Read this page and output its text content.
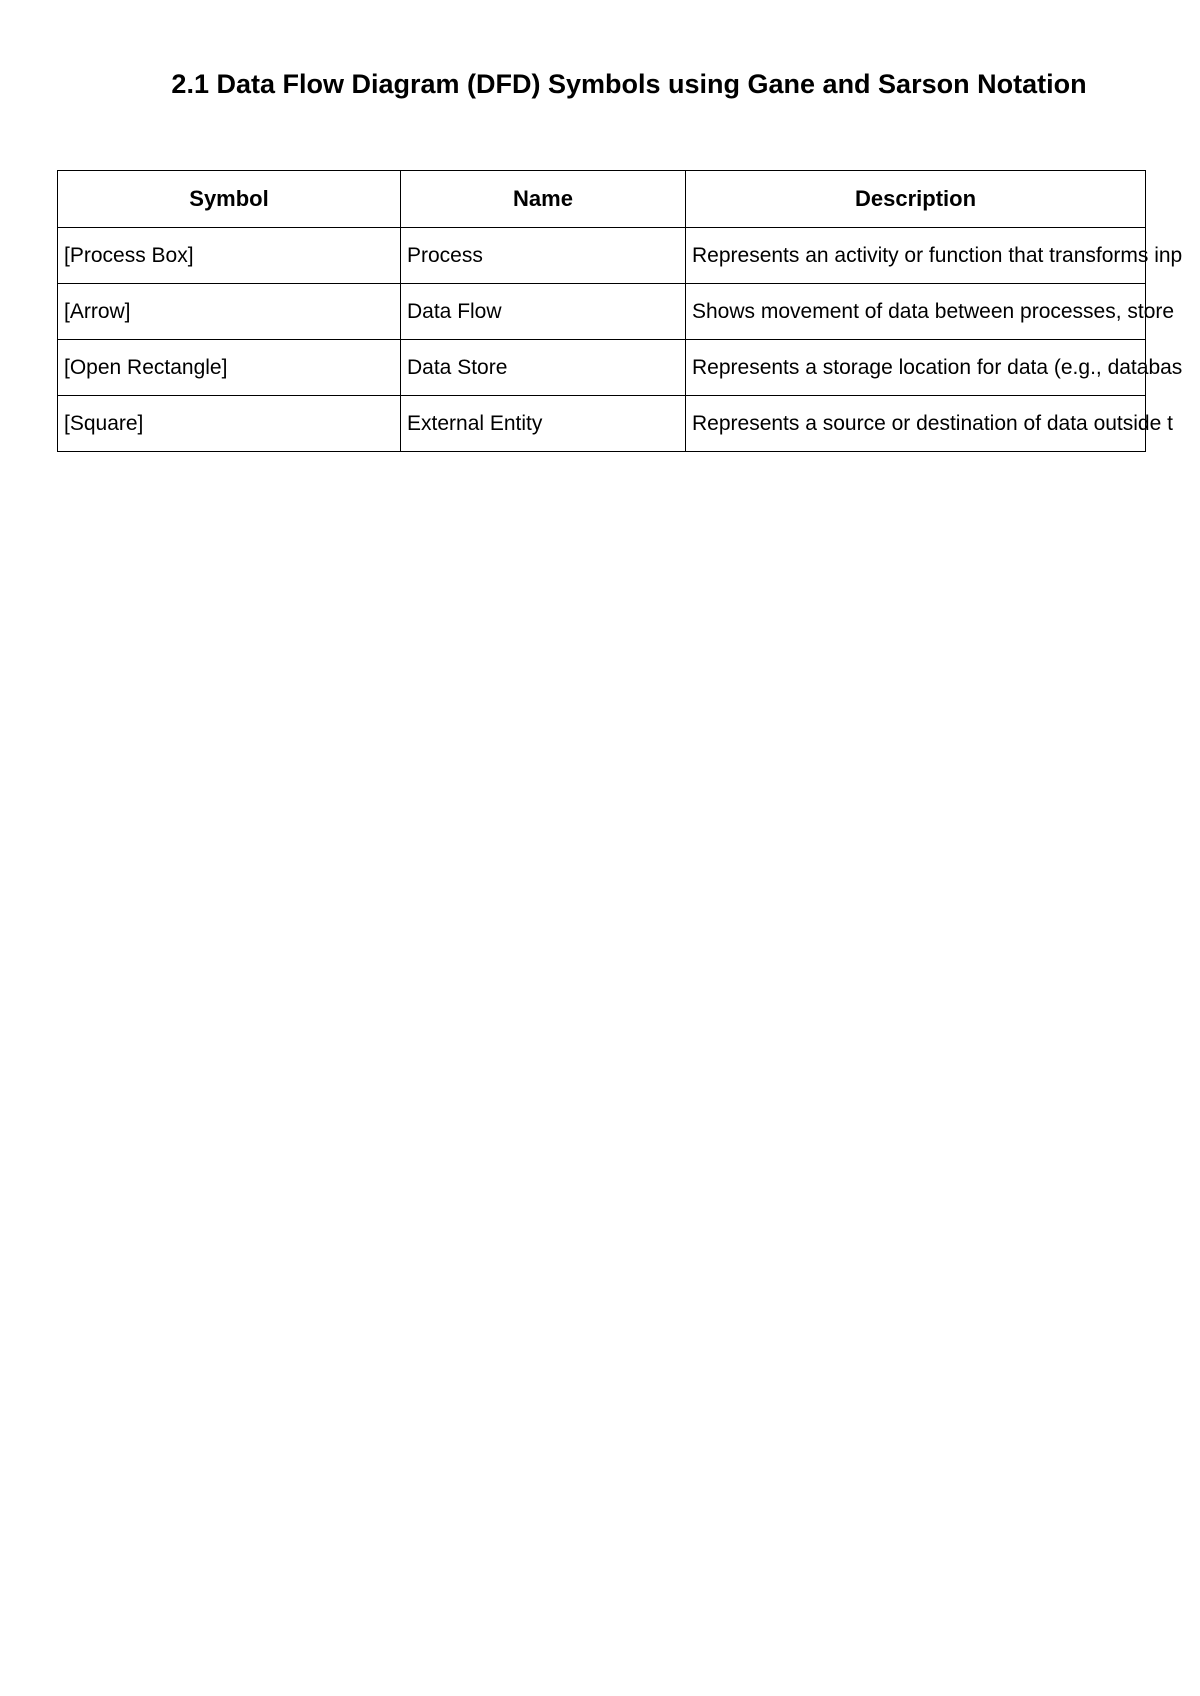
2.1 Data Flow Diagram (DFD) Symbols using Gane and Sarson Notation
Symbol	Name	Description
[Process Box]	Process	Represents an activity or function that transforms inp
[Arrow]	Data Flow	Shows movement of data between processes, store
[Open Rectangle]	Data Store	Represents a storage location for data (e.g., databas
[Square]	External Entity	Represents a source or destination of data outside t
